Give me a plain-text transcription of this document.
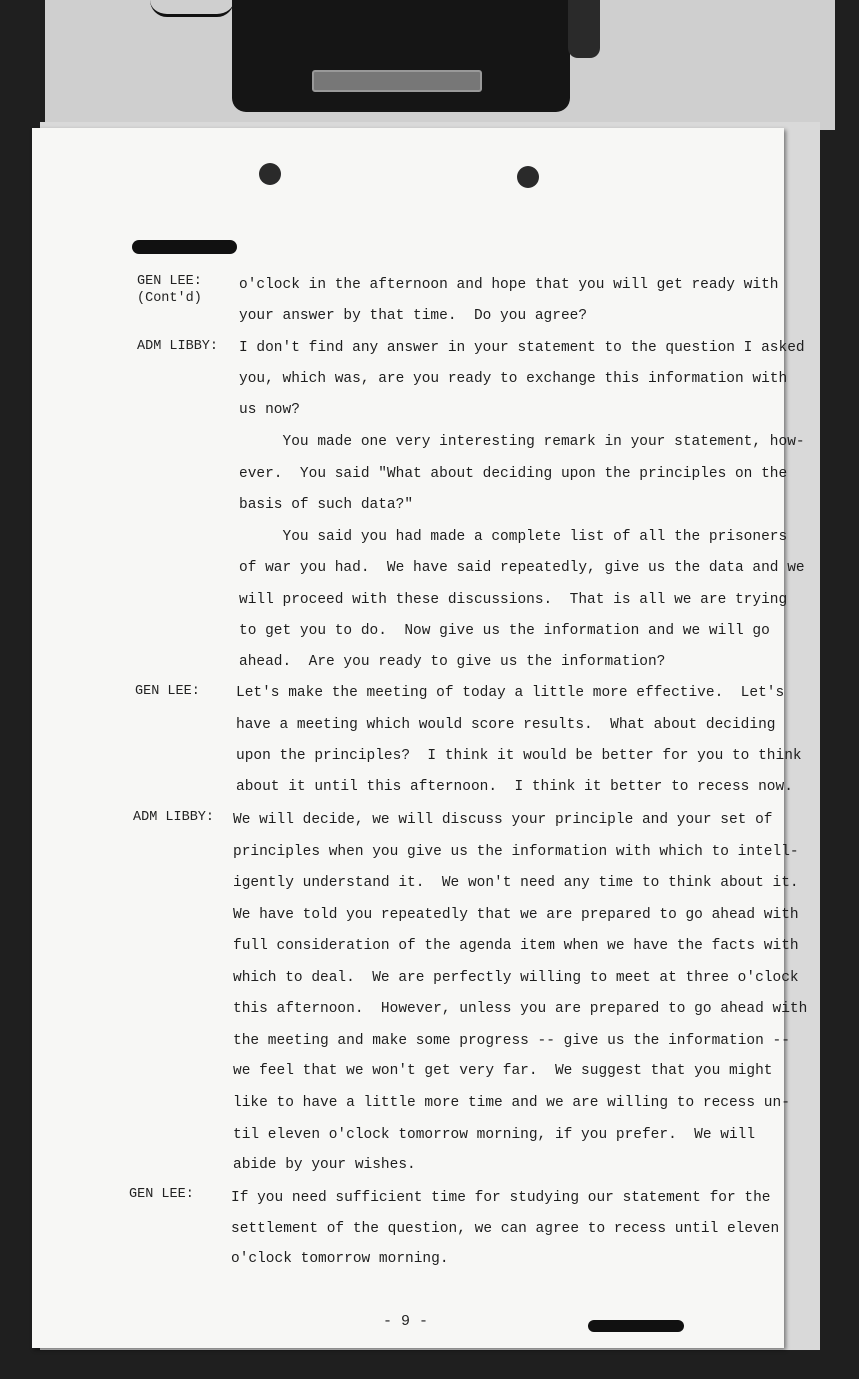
GEN LEE:
(Cont'd)
o'clock in the afternoon and hope that you will get ready with
your answer by that time.  Do you agree?
ADM LIBBY:	I don't find any answer in your statement to the question I asked
you, which was, are you ready to exchange this information with
us now?
You made one very interesting remark in your statement, how-
ever.  You said "What about deciding upon the principles on the
basis of such data?"
You said you had made a complete list of all the prisoners
of war you had.  We have said repeatedly, give us the data and we
will proceed with these discussions.  That is all we are trying
to get you to do.  Now give us the information and we will go
ahead.  Are you ready to give us the information?
GEN LEE:	Let's make the meeting of today a little more effective.  Let's
have a meeting which would score results.  What about deciding
upon the principles?  I think it would be better for you to think
about it until this afternoon.  I think it better to recess now.
ADM LIBBY:	We will decide, we will discuss your principle and your set of
principles when you give us the information with which to intell-
igently understand it.  We won't need any time to think about it.
We have told you repeatedly that we are prepared to go ahead with
full consideration of the agenda item when we have the facts with
which to deal.  We are perfectly willing to meet at three o'clock
this afternoon.  However, unless you are prepared to go ahead with
the meeting and make some progress -- give us the information --
we feel that we won't get very far.  We suggest that you might
like to have a little more time and we are willing to recess un-
til eleven o'clock tomorrow morning, if you prefer.  We will
abide by your wishes.
GEN LEE:	If you need sufficient time for studying our statement for the
settlement of the question, we can agree to recess until eleven
o'clock tomorrow morning.
- 9 -
